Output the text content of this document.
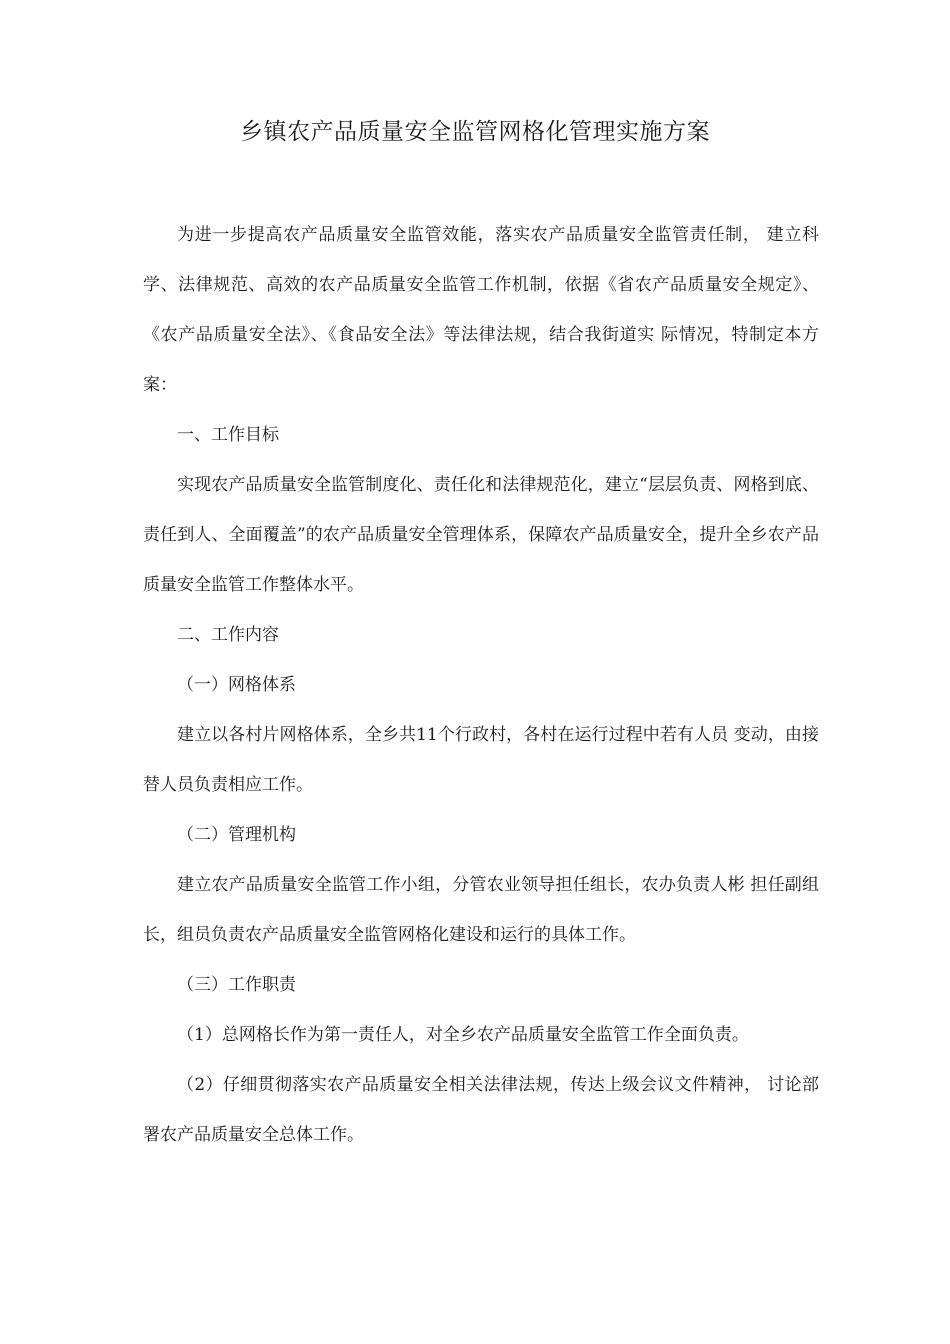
乡镇农产品质量安全监管网格化管理实施方案

为进一步提高农产品质量安全监管效能，落实农产品质量安全监管责任制， 建立科学、法律规范、高效的农产品质量安全监管工作机制，依据《省农产品质量安全规定》、《农产品质量安全法》、《食品安全法》等法律法规，结合我街道实 际情况，特制定本方案：

一、工作目标

实现农产品质量安全监管制度化、责任化和法律规范化，建立“层层负责、网格到底、责任到人、全面覆盖”的农产品质量安全管理体系，保障农产品质量安全，提升全乡农产品质量安全监管工作整体水平。

二、工作内容

（一）网格体系

建立以各村片网格体系，全乡共11个行政村，各村在运行过程中若有人员 变动，由接替人员负责相应工作。

（二）管理机构

建立农产品质量安全监管工作小组，分管农业领导担任组长，农办负责人彬 担任副组长，组员负责农产品质量安全监管网格化建设和运行的具体工作。

（三）工作职责

（1）总网格长作为第一责任人，对全乡农产品质量安全监管工作全面负责。

（2）仔细贯彻落实农产品质量安全相关法律法规，传达上级会议文件精神， 讨论部署农产品质量安全总体工作。
